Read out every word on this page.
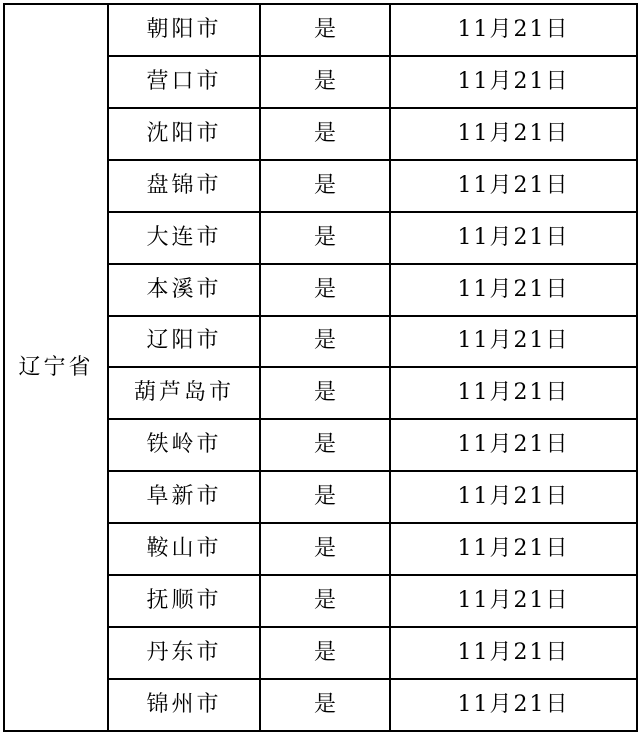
辽宁省	朝阳市	是	11月21日
	营口市	是	11月21日
	沈阳市	是	11月21日
	盘锦市	是	11月21日
	大连市	是	11月21日
	本溪市	是	11月21日
	辽阳市	是	11月21日
	葫芦岛市	是	11月21日
	铁岭市	是	11月21日
	阜新市	是	11月21日
	鞍山市	是	11月21日
	抚顺市	是	11月21日
	丹东市	是	11月21日
	锦州市	是	11月21日
